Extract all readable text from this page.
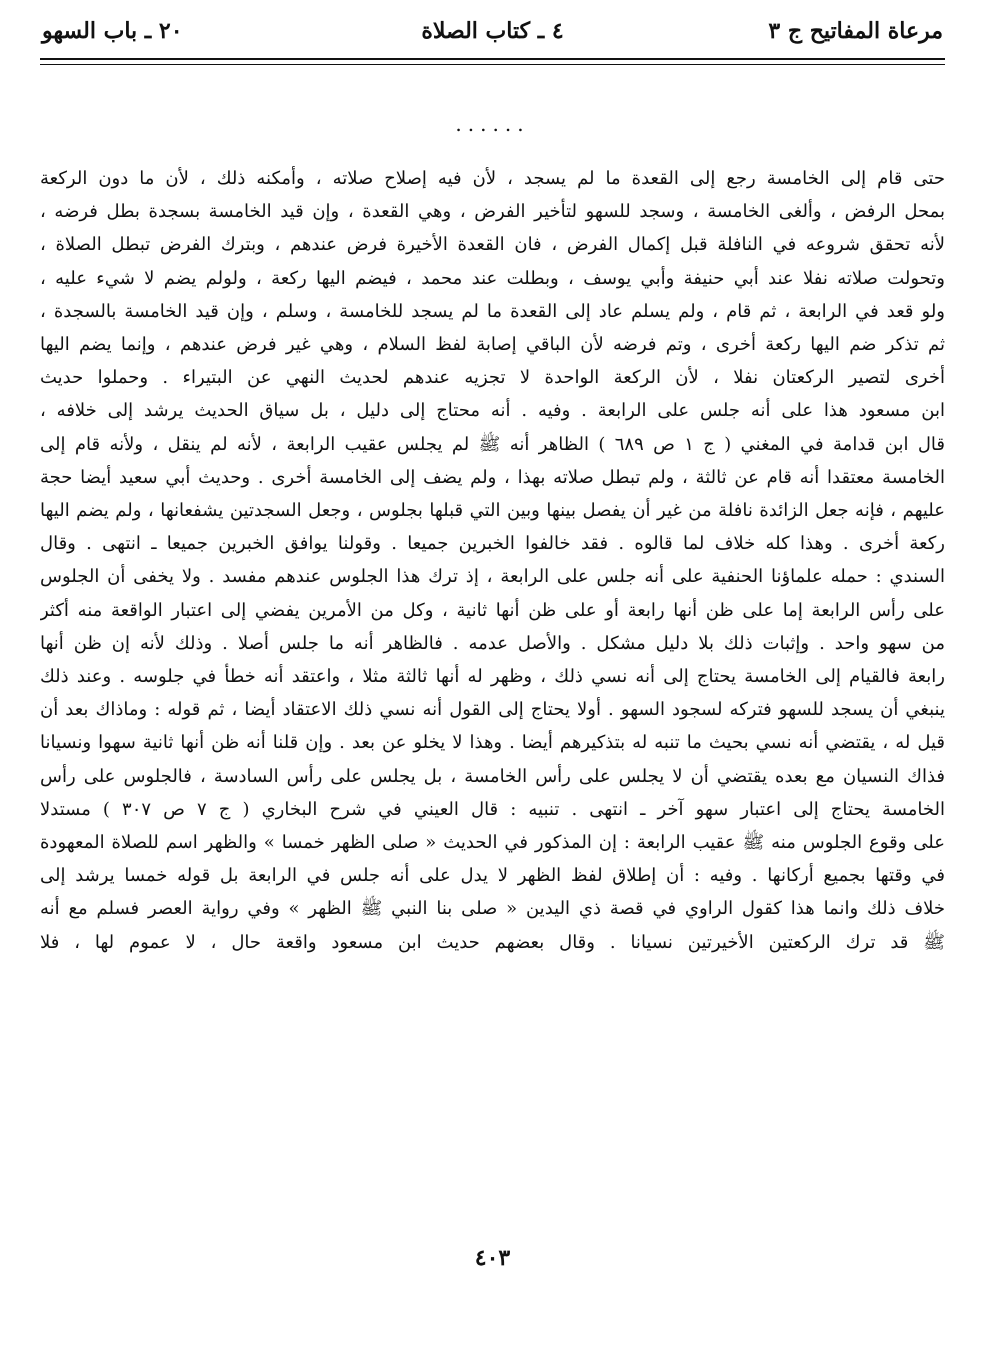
مرعاة المفاتيح ج ٣
٤ ـ كتاب الصلاة
٢٠ ـ باب السهو
......
حتى قام إلى الخامسة رجع إلى القعدة ما لم يسجد ، لأن فيه إصلاح صلاته ، وأمكنه ذلك ، لأن ما دون الركعة
بمحل الرفض ، وألغى الخامسة ، وسجد للسهو لتأخير الفرض ، وهي القعدة ، وإن قيد الخامسة بسجدة بطل فرضه ،
لأنه تحقق شروعه في النافلة قبل إكمال الفرض ، فان القعدة الأخيرة فرض عندهم ، وبترك الفرض تبطل الصلاة ،
وتحولت صلاته نفلا عند أبي حنيفة وأبي يوسف ، وبطلت عند محمد ، فيضم اليها ركعة ، ولولم يضم لا شيء عليه ،
ولو قعد في الرابعة ، ثم قام ، ولم يسلم عاد إلى القعدة ما لم يسجد للخامسة ، وسلم ، وإن قيد الخامسة بالسجدة ،
ثم تذكر ضم اليها ركعة أخرى ، وتم فرضه لأن الباقي إصابة لفظ السلام ، وهي غير فرض عندهم ، وإنما يضم اليها
أخرى لتصير الركعتان نفلا ، لأن الركعة الواحدة لا تجزيه عندهم لحديث النهي عن البتيراء . وحملوا حديث
ابن مسعود هذا على أنه جلس على الرابعة . وفيه . أنه محتاج إلى دليل ، بل سياق الحديث يرشد إلى خلافه ،
قال ابن قدامة في المغني ( ج ١ ص ٦٨٩ ) الظاهر أنه ﷺ لم يجلس عقيب الرابعة ، لأنه لم ينقل ، ولأنه قام إلى
الخامسة معتقدا أنه قام عن ثالثة ، ولم تبطل صلاته بهذا ، ولم يضف إلى الخامسة أخرى . وحديث أبي سعيد أيضا حجة
عليهم ، فإنه جعل الزائدة نافلة من غير أن يفصل بينها وبين التي قبلها بجلوس ، وجعل السجدتين يشفعانها ، ولم يضم اليها
ركعة أخرى . وهذا كله خلاف لما قالوه . فقد خالفوا الخبرين جميعا . وقولنا يوافق الخبرين جميعا ـ انتهى . وقال
السندي : حمله علماؤنا الحنفية على أنه جلس على الرابعة ، إذ ترك هذا الجلوس عندهم مفسد . ولا يخفى أن الجلوس
على رأس الرابعة إما على ظن أنها رابعة أو على ظن أنها ثانية ، وكل من الأمرين يفضي إلى اعتبار الواقعة منه أكثر
من سهو واحد . وإثبات ذلك بلا دليل مشكل . والأصل عدمه . فالظاهر أنه ما جلس أصلا . وذلك لأنه إن ظن أنها
رابعة فالقيام إلى الخامسة يحتاج إلى أنه نسي ذلك ، وظهر له أنها ثالثة مثلا ، واعتقد أنه خطأ في جلوسه . وعند ذلك
ينبغي أن يسجد للسهو فتركه لسجود السهو . أولا يحتاج إلى القول أنه نسي ذلك الاعتقاد أيضا ، ثم قوله : وماذاك بعد أن
قيل له ، يقتضي أنه نسي بحيث ما تنبه له بتذكيرهم أيضا . وهذا لا يخلو عن بعد . وإن قلنا أنه ظن أنها ثانية سهوا ونسيانا
فذاك النسيان مع بعده يقتضي أن لا يجلس على رأس الخامسة ، بل يجلس على رأس السادسة ، فالجلوس على رأس
الخامسة يحتاج إلى اعتبار سهو آخر ـ انتهى . تنبيه : قال العيني في شرح البخاري ( ج ٧ ص ٣٠٧ ) مستدلا
على وقوع الجلوس منه ﷺ عقيب الرابعة : إن المذكور في الحديث « صلى الظهر خمسا » والظهر اسم للصلاة المعهودة
في وقتها بجميع أركانها . وفيه : أن إطلاق لفظ الظهر لا يدل على أنه جلس في الرابعة بل قوله خمسا يرشد إلى
خلاف ذلك وانما هذا كقول الراوي في قصة ذي اليدين « صلى بنا النبي ﷺ الظهر » وفي رواية العصر فسلم مع أنه
ﷺ قد ترك الركعتين الأخيرتين نسيانا . وقال بعضهم حديث ابن مسعود واقعة حال ، لا عموم لها ، فلا
٤٠٣
